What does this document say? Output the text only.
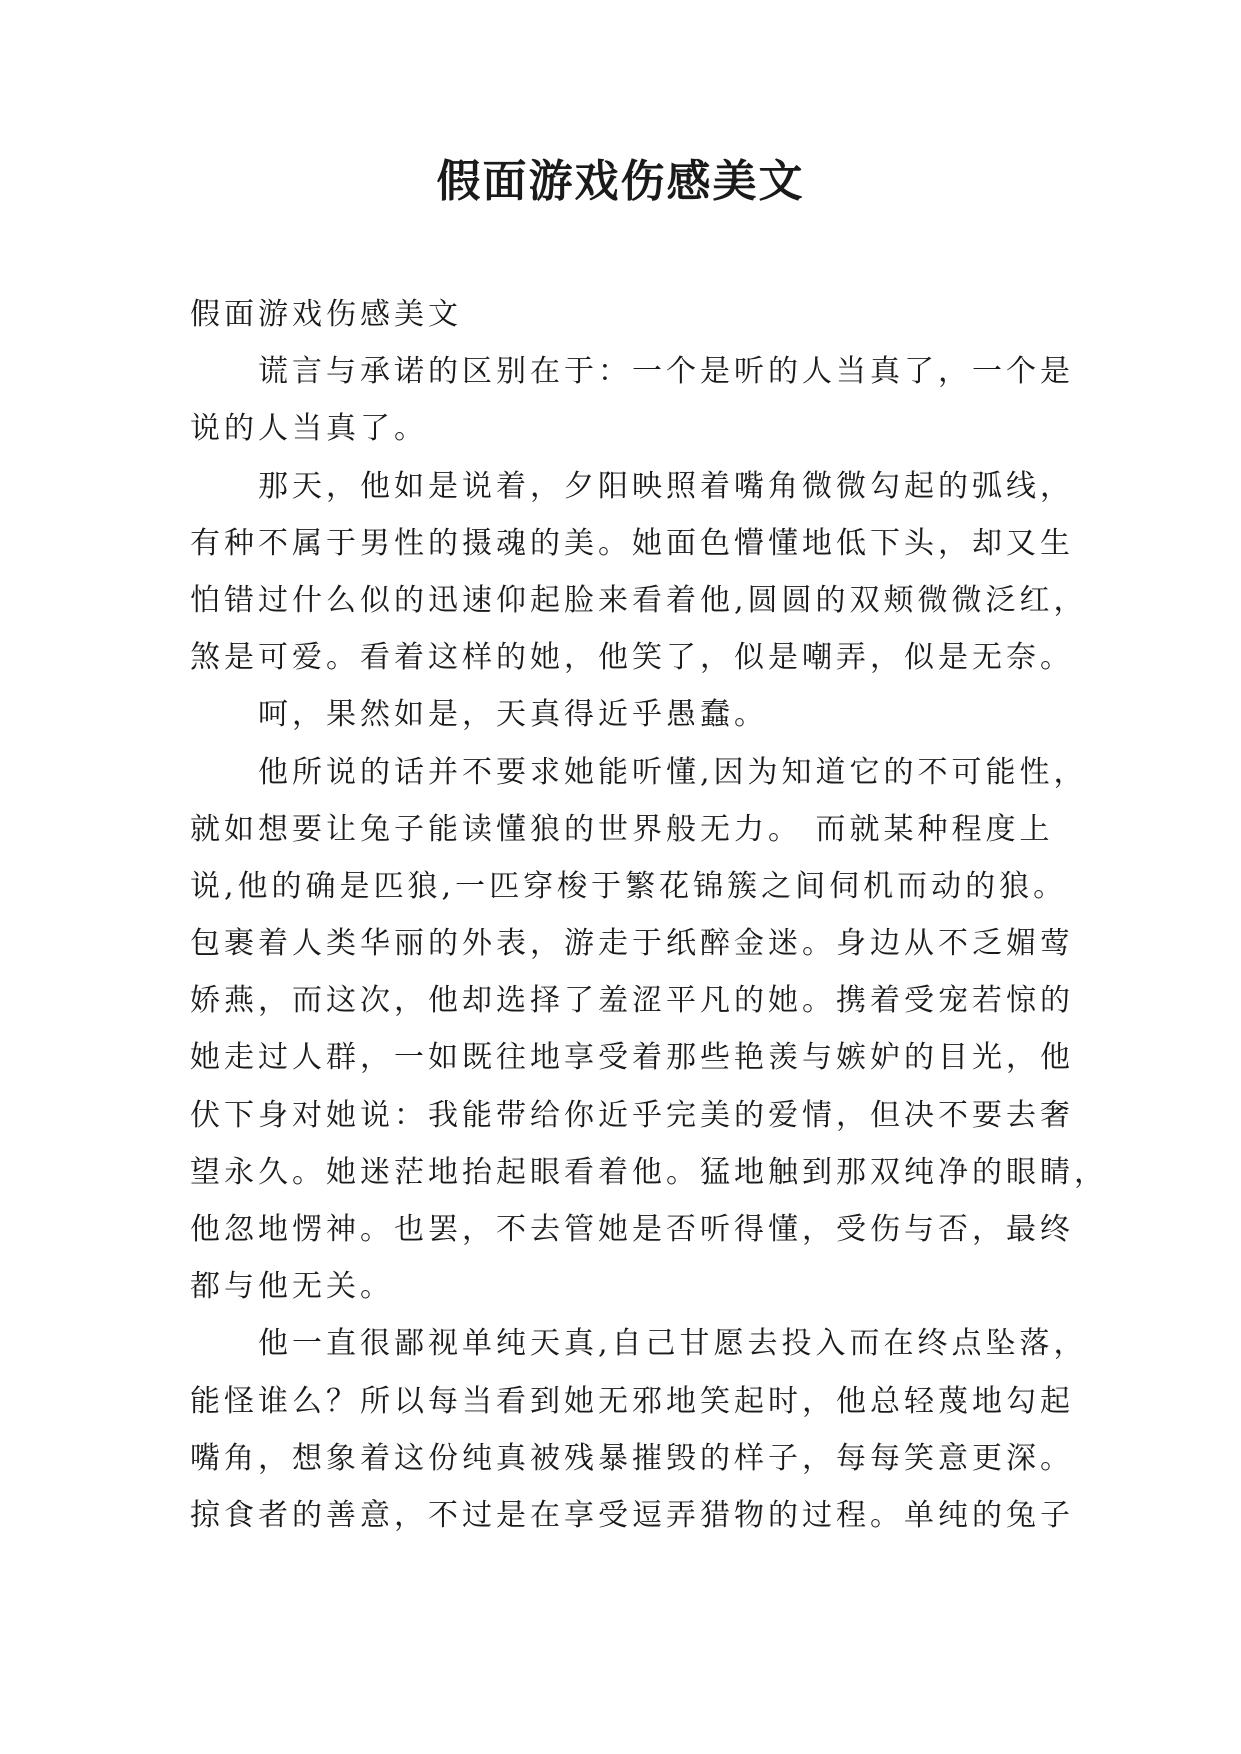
假面游戏伤感美文
假面游戏伤感美文
谎言与承诺的区别在于：一个是听的人当真了，一个是
说的人当真了。
那天，他如是说着，夕阳映照着嘴角微微勾起的弧线，
有种不属于男性的摄魂的美。她面色懵懂地低下头，却又生
怕错过什么似的迅速仰起脸来看着他,圆圆的双颊微微泛红，
煞是可爱。看着这样的她，他笑了，似是嘲弄，似是无奈。
呵，果然如是，天真得近乎愚蠢。
他所说的话并不要求她能听懂,因为知道它的不可能性，
就如想要让兔子能读懂狼的世界般无力。 而就某种程度上
说,他的确是匹狼,一匹穿梭于繁花锦簇之间伺机而动的狼。
包裹着人类华丽的外表，游走于纸醉金迷。身边从不乏媚莺
娇燕，而这次，他却选择了羞涩平凡的她。携着受宠若惊的
她走过人群，一如既往地享受着那些艳羡与嫉妒的目光，他
伏下身对她说：我能带给你近乎完美的爱情，但决不要去奢
望永久。她迷茫地抬起眼看着他。猛地触到那双纯净的眼睛，
他忽地愣神。也罢，不去管她是否听得懂，受伤与否，最终
都与他无关。
他一直很鄙视单纯天真,自己甘愿去投入而在终点坠落，
能怪谁么？所以每当看到她无邪地笑起时，他总轻蔑地勾起
嘴角，想象着这份纯真被残暴摧毁的样子，每每笑意更深。
掠食者的善意，不过是在享受逗弄猎物的过程。单纯的兔子
